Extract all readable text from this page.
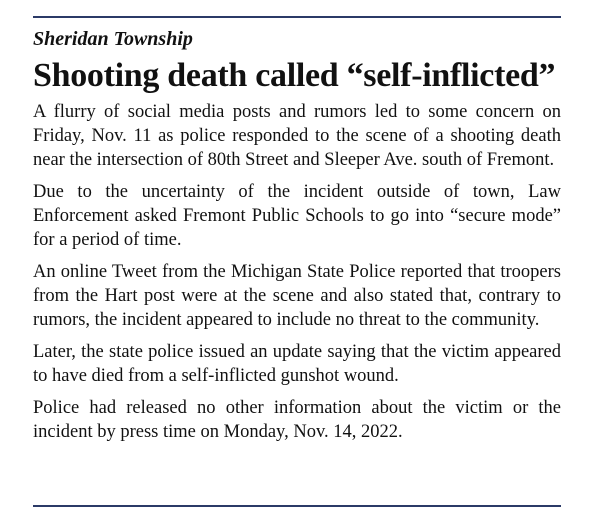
Sheridan Township

Shooting death called “self-inflicted”

A flurry of social media posts and rumors led to some concern on Friday, Nov. 11 as police responded to the scene of a shooting death near the intersection of 80th Street and Sleeper Ave. south of Fremont.

Due to the uncertainty of the incident outside of town, Law Enforcement asked Fremont Public Schools to go into “secure mode” for a period of time.

An online Tweet from the Michigan State Police reported that troopers from the Hart post were at the scene and also stated that, contrary to rumors, the incident appeared to include no threat to the community.

Later, the state police issued an update saying that the victim appeared to have died from a self-inflicted gunshot wound.

Police had released no other information about the victim or the incident by press time on Monday, Nov. 14, 2022.
